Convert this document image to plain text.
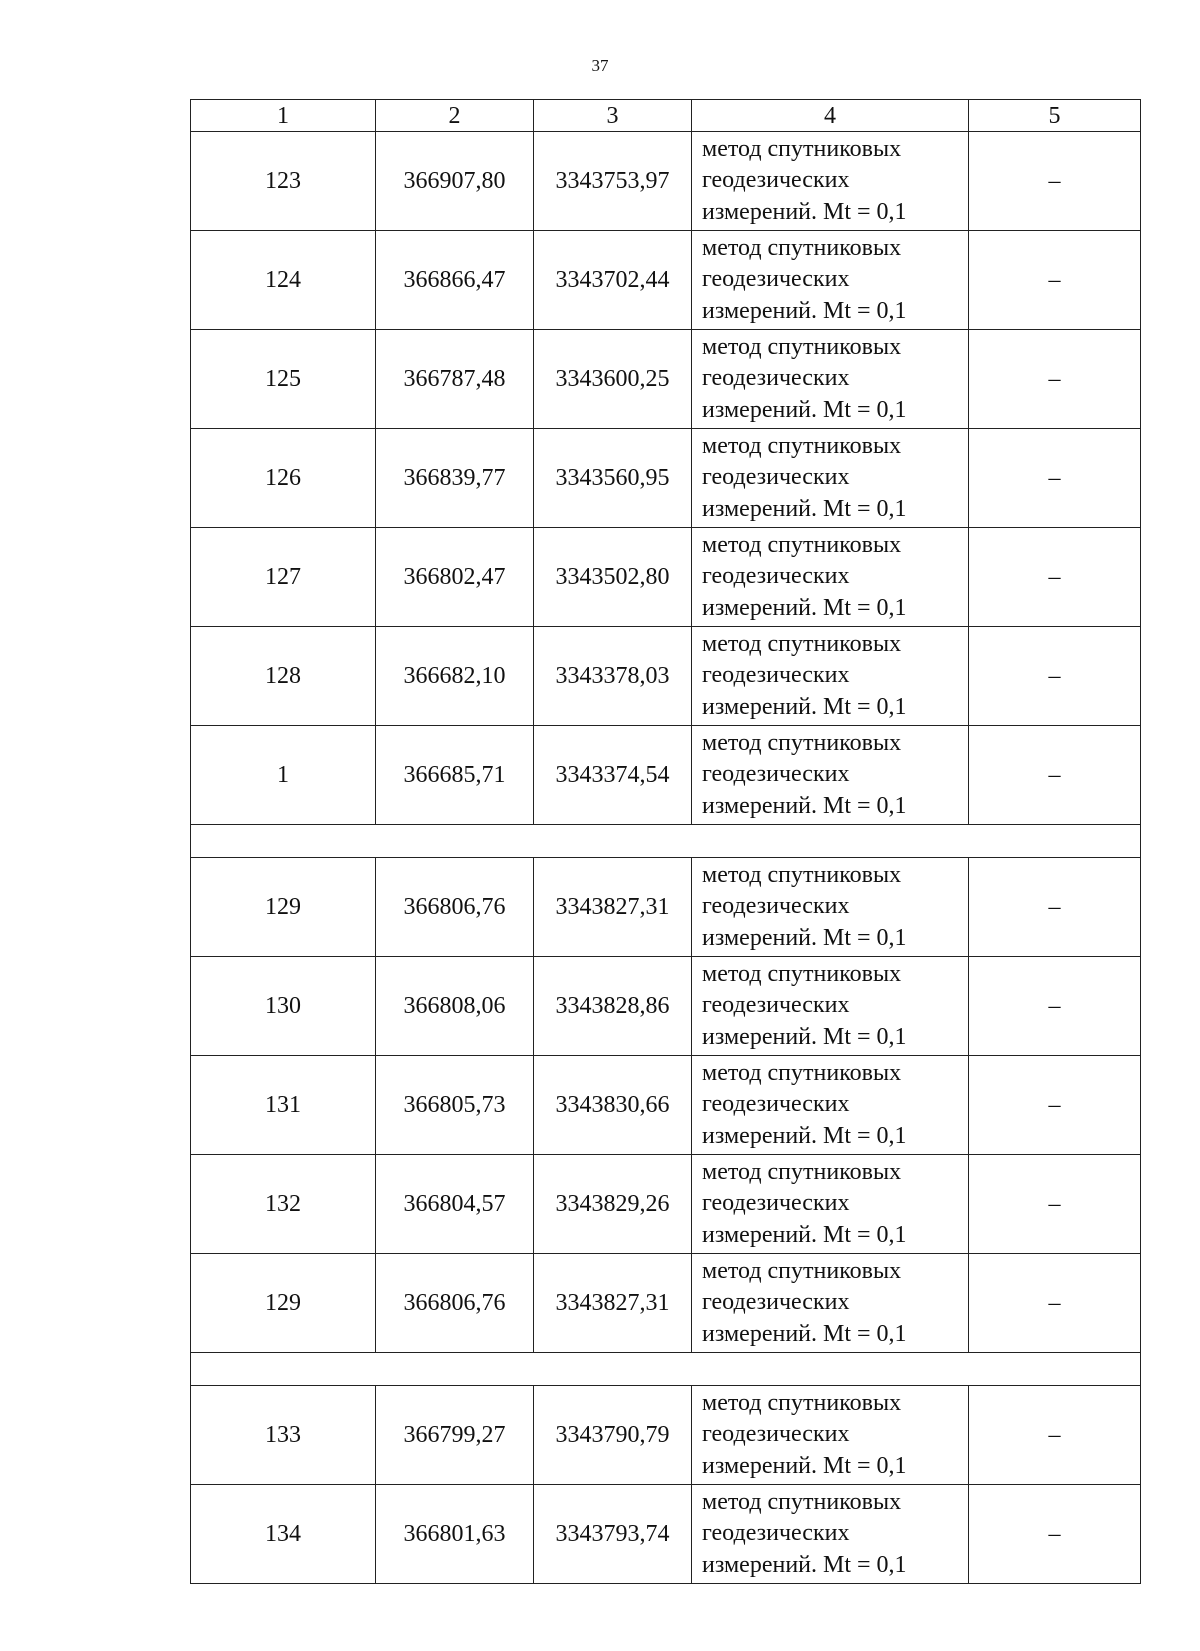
37
1	2	3	4	5
123	366907,80	3343753,97	метод спутниковых
геодезических
измерений. Mt = 0,1	–
124	366866,47	3343702,44	метод спутниковых
геодезических
измерений. Mt = 0,1	–
125	366787,48	3343600,25	метод спутниковых
геодезических
измерений. Mt = 0,1	–
126	366839,77	3343560,95	метод спутниковых
геодезических
измерений. Mt = 0,1	–
127	366802,47	3343502,80	метод спутниковых
геодезических
измерений. Mt = 0,1	–
128	366682,10	3343378,03	метод спутниковых
геодезических
измерений. Mt = 0,1	–
1	366685,71	3343374,54	метод спутниковых
геодезических
измерений. Mt = 0,1	–

129	366806,76	3343827,31	метод спутниковых
геодезических
измерений. Mt = 0,1	–
130	366808,06	3343828,86	метод спутниковых
геодезических
измерений. Mt = 0,1	–
131	366805,73	3343830,66	метод спутниковых
геодезических
измерений. Mt = 0,1	–
132	366804,57	3343829,26	метод спутниковых
геодезических
измерений. Mt = 0,1	–
129	366806,76	3343827,31	метод спутниковых
геодезических
измерений. Mt = 0,1	–

133	366799,27	3343790,79	метод спутниковых
геодезических
измерений. Mt = 0,1	–
134	366801,63	3343793,74	метод спутниковых
геодезических
измерений. Mt = 0,1	–
